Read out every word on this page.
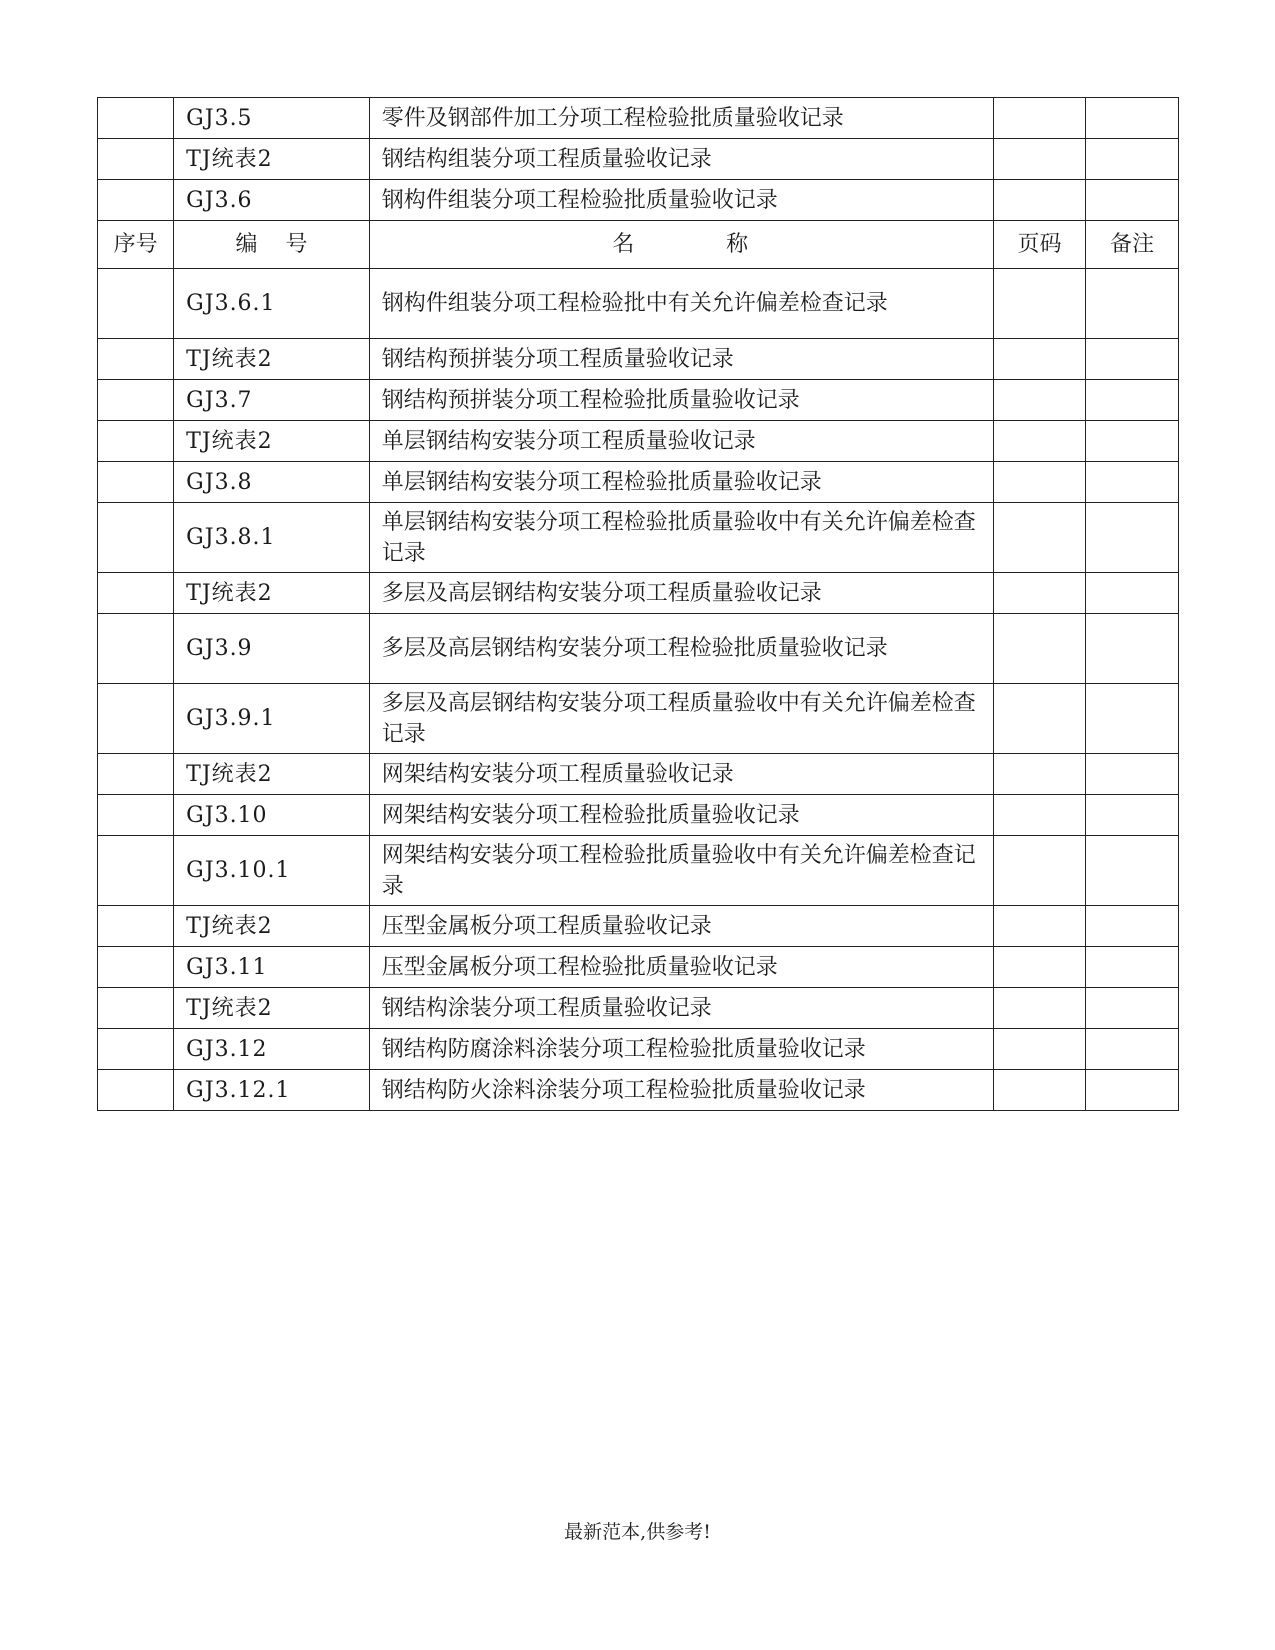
	GJ3.5	零件及钢部件加工分项工程检验批质量验收记录		
	TJ统表2	钢结构组装分项工程质量验收记录		
	GJ3.6	钢构件组装分项工程检验批质量验收记录		
序号	编    号	名          称	页码	备注
	GJ3.6.1	钢构件组装分项工程检验批中有关允许偏差检查记录		
	TJ统表2	钢结构预拼装分项工程质量验收记录		
	GJ3.7	钢结构预拼装分项工程检验批质量验收记录		
	TJ统表2	单层钢结构安装分项工程质量验收记录		
	GJ3.8	单层钢结构安装分项工程检验批质量验收记录		
	GJ3.8.1	单层钢结构安装分项工程检验批质量验收中有关允许偏差检查记录		
	TJ统表2	多层及高层钢结构安装分项工程质量验收记录		
	GJ3.9	多层及高层钢结构安装分项工程检验批质量验收记录		
	GJ3.9.1	多层及高层钢结构安装分项工程质量验收中有关允许偏差检查记录		
	TJ统表2	网架结构安装分项工程质量验收记录		
	GJ3.10	网架结构安装分项工程检验批质量验收记录		
	GJ3.10.1	网架结构安装分项工程检验批质量验收中有关允许偏差检查记录		
	TJ统表2	压型金属板分项工程质量验收记录		
	GJ3.11	压型金属板分项工程检验批质量验收记录		
	TJ统表2	钢结构涂装分项工程质量验收记录		
	GJ3.12	钢结构防腐涂料涂装分项工程检验批质量验收记录		
	GJ3.12.1	钢结构防火涂料涂装分项工程检验批质量验收记录		
最新范本,供参考!
